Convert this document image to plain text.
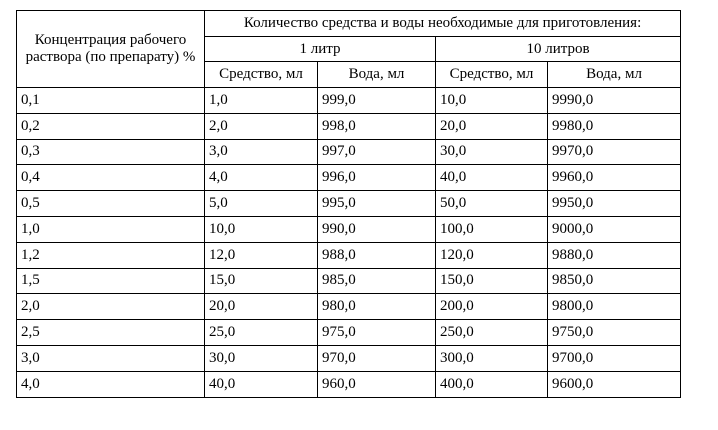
Концентрация рабочего раствора (по препарату) %	Количество средства и воды необходимые для приготовления:			
	1 литр		10 литров	
	Средство, мл	Вода, мл	Средство, мл	Вода, мл
0,1	1,0	999,0	10,0	9990,0
0,2	2,0	998,0	20,0	9980,0
0,3	3,0	997,0	30,0	9970,0
0,4	4,0	996,0	40,0	9960,0
0,5	5,0	995,0	50,0	9950,0
1,0	10,0	990,0	100,0	9000,0
1,2	12,0	988,0	120,0	9880,0
1,5	15,0	985,0	150,0	9850,0
2,0	20,0	980,0	200,0	9800,0
2,5	25,0	975,0	250,0	9750,0
3,0	30,0	970,0	300,0	9700,0
4,0	40,0	960,0	400,0	9600,0
